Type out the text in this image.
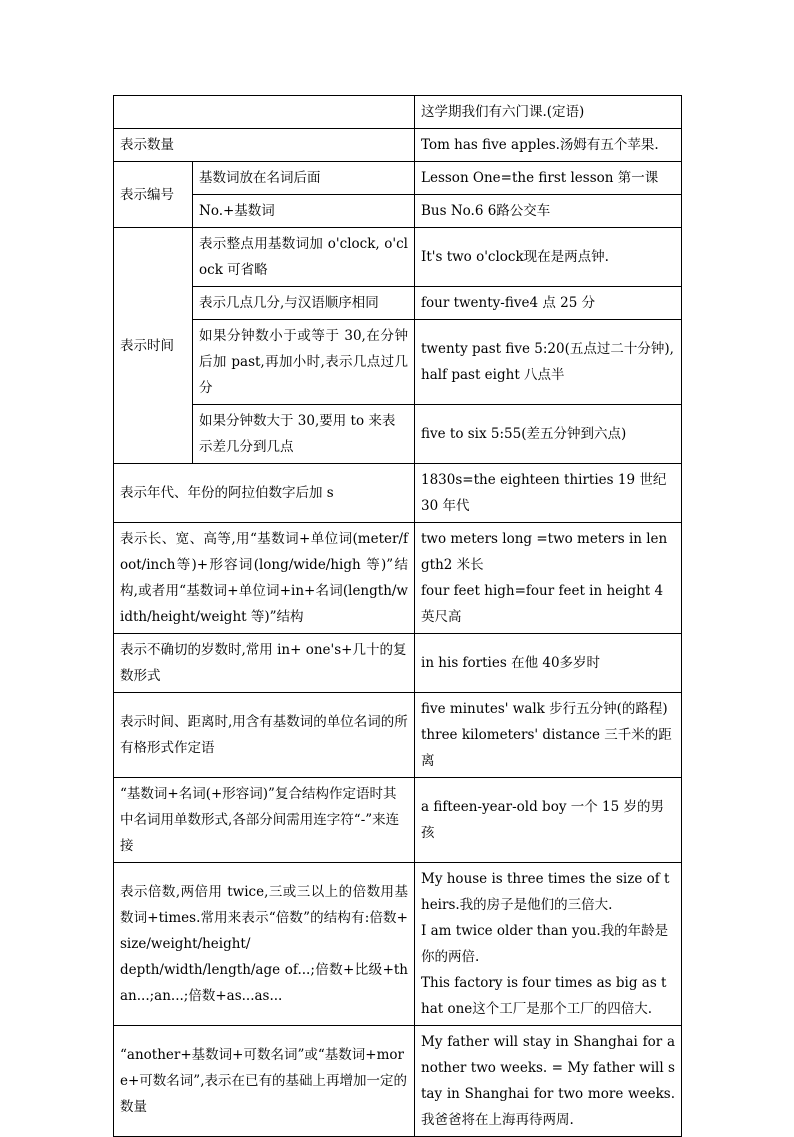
		这学期我们有六门课.(定语)
表示数量		Tom has five apples.汤姆有五个苹果.
表示编号	基数词放在名词后面	Lesson One=the first lesson 第一课
	No.+基数词	Bus No.6 6路公交车
表示时间	表示整点用基数词加 o'clock, o'clock 可省略	It's two o'clock现在是两点钟.
	表示几点几分,与汉语顺序相同	four twenty-five4 点 25 分
	如果分钟数小于或等于 30,在分钟后加 past,再加小时,表示几点过几分	twenty past five 5:20(五点过二十分钟),
half past eight 八点半

	如果分钟数大于 30,要用 to 来表示差几分到几点	five to six 5:55(差五分钟到六点)
表示年代、年份的阿拉伯数字后加 s		1830s=the eighteen thirties 19 世纪 30 年代
表示长、宽、高等,用“基数词+单位词(meter/foot/inch等)+形容词(long/wide/high 等)”结构,或者用“基数词+单位词+in+名词(length/width/height/weight 等)”结构		two meters long =two meters in length2 米长
four feet high=four feet in height 4 英尺高

表示不确切的岁数时,常用 in+ one's+几十的复数形式		in his forties 在他 40多岁时
表示时间、距离时,用含有基数词的单位名词的所有格形式作定语		five minutes' walk 步行五分钟(的路程)
three kilometers' distance 三千米的距离

“基数词+名词(+形容词)”复合结构作定语时其中名词用单数形式,各部分间需用连字符“-”来连接		a fifteen-year-old boy 一个 15 岁的男孩

表示倍数,两倍用 twice,三或三以上的倍数用基数词+times.常用来表示“倍数”的结构有:倍数+size/weight/height/
depth/width/length/age of...;倍数+比级+than...;an...;倍数+as...as...		My house is three times the size of theirs.我的房子是他们的三倍大.
I am twice older than you.我的年龄是你的两倍.
This factory is four times as big as that one这个工厂是那个工厂的四倍大.

“another+基数词+可数名词”或“基数词+more+可数名词”,表示在已有的基础上再增加一定的数量		My father will stay in Shanghai for another two weeks. = My father will stay in Shanghai for two more weeks.我爸爸将在上海再待两周.
